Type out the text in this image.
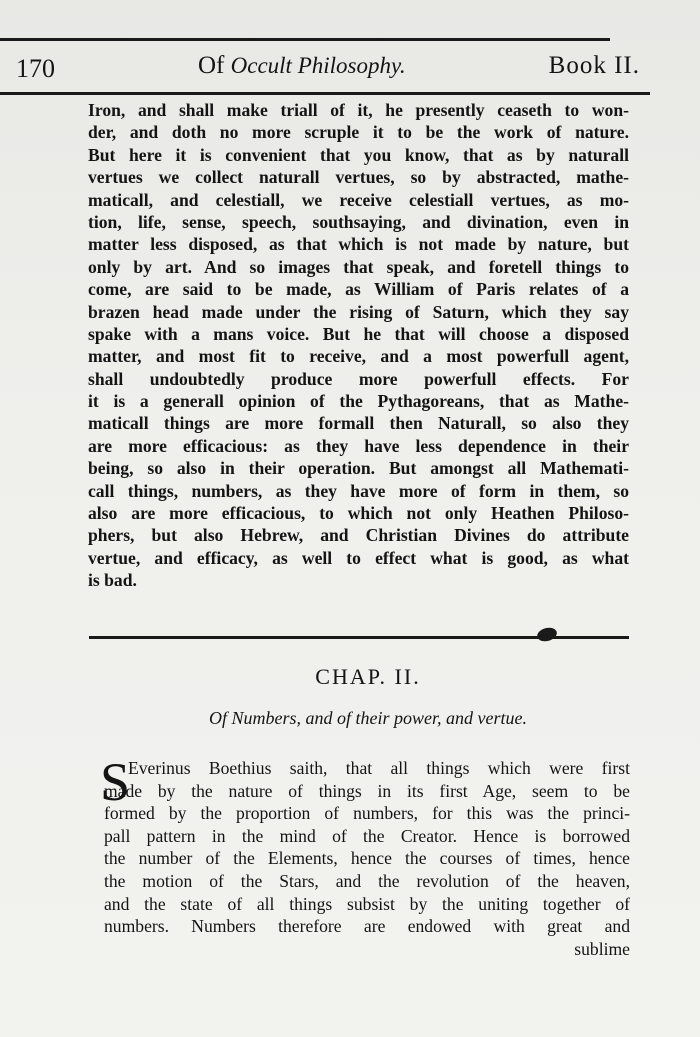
170	Of Occult Philosophy.	Book II.
Iron, and shall make triall of it, he presently ceaseth to won-
der, and doth no more scruple it to be the work of nature.
But here it is convenient that you know, that as by naturall
vertues we collect naturall vertues, so by abstracted, mathe-
maticall, and celestiall, we receive celestiall vertues, as mo-
tion, life, sense, speech, southsaying, and divination, even in
matter less disposed, as that which is not made by nature, but
only by art. And so images that speak, and foretell things to
come, are said to be made, as William of Paris relates of a
brazen head made under the rising of Saturn, which they say
spake with a mans voice. But he that will choose a disposed
matter, and most fit to receive, and a most powerfull agent,
shall undoubtedly produce more powerfull effects. For
it is a generall opinion of the Pythagoreans, that as Mathe-
maticall things are more formall then Naturall, so also they
are more efficacious: as they have less dependence in their
being, so also in their operation. But amongst all Mathemati-
call things, numbers, as they have more of form in them, so
also are more efficacious, to which not only Heathen Philoso-
phers, but also Hebrew, and Christian Divines do attribute
vertue, and efficacy, as well to effect what is good, as what
is bad.
CHAP. II.
Of Numbers, and of their power, and vertue.
S
Everinus Boethius saith, that all things which were first
made by the nature of things in its first Age, seem to be
formed by the proportion of numbers, for this was the princi-
pall pattern in the mind of the Creator. Hence is borrowed
the number of the Elements, hence the courses of times, hence
the motion of the Stars, and the revolution of the heaven,
and the state of all things subsist by the uniting together of
numbers. Numbers therefore are endowed with great and
sublime
